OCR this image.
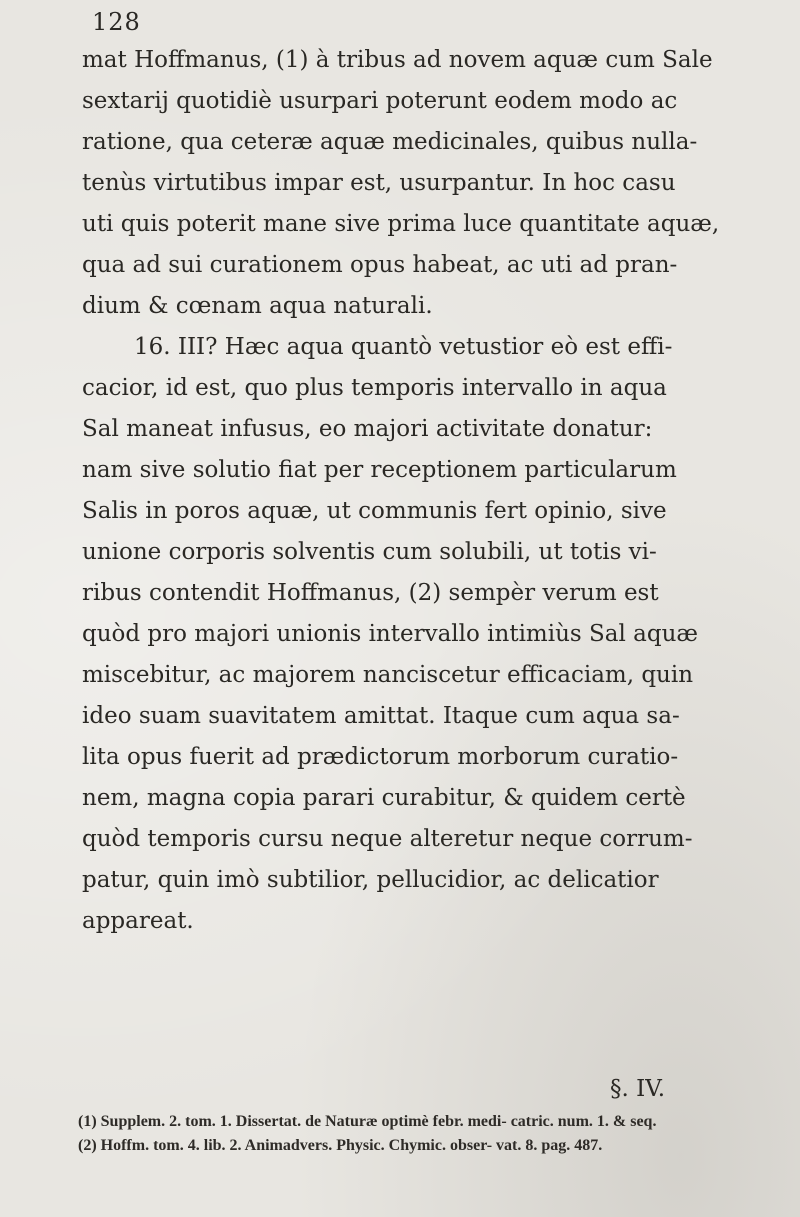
128

mat Hoffmanus, (1) à tribus ad novem aquæ cum Sale

sextarij quotidiè usurpari poterunt eodem modo ac

ratione, qua ceteræ aquæ medicinales, quibus nulla-

tenùs virtutibus impar est, usurpantur. In hoc casu

uti quis poterit mane sive prima luce quantitate aquæ,

qua ad sui curationem opus habeat, ac uti ad pran-

dium & cœnam aqua naturali.

16. III? Hæc aqua quantò vetustior eò est effi-

cacior, id est, quo plus temporis intervallo in aqua

Sal maneat infusus, eo majori activitate donatur:

nam sive solutio fiat per receptionem particularum

Salis in poros aquæ, ut communis fert opinio, sive

unione corporis solventis cum solubili, ut totis vi-

ribus contendit Hoffmanus, (2) sempèr verum est

quòd pro majori unionis intervallo intimiùs Sal aquæ

miscebitur, ac majorem nanciscetur efficaciam, quin

ideo suam suavitatem amittat. Itaque cum aqua sa-

lita opus fuerit ad prædictorum morborum curatio-

nem, magna copia parari curabitur, & quidem certè

quòd temporis cursu neque alteretur neque corrum-

patur, quin imò subtilior, pellucidior, ac delicatior

appareat.

§. IV.

(1) Supplem. 2. tom. 1. Dissertat. de Naturæ optimè febr. medi- catric. num. 1. & seq.

(2) Hoffm. tom. 4. lib. 2. Animadvers. Physic. Chymic. obser- vat. 8. pag. 487.
